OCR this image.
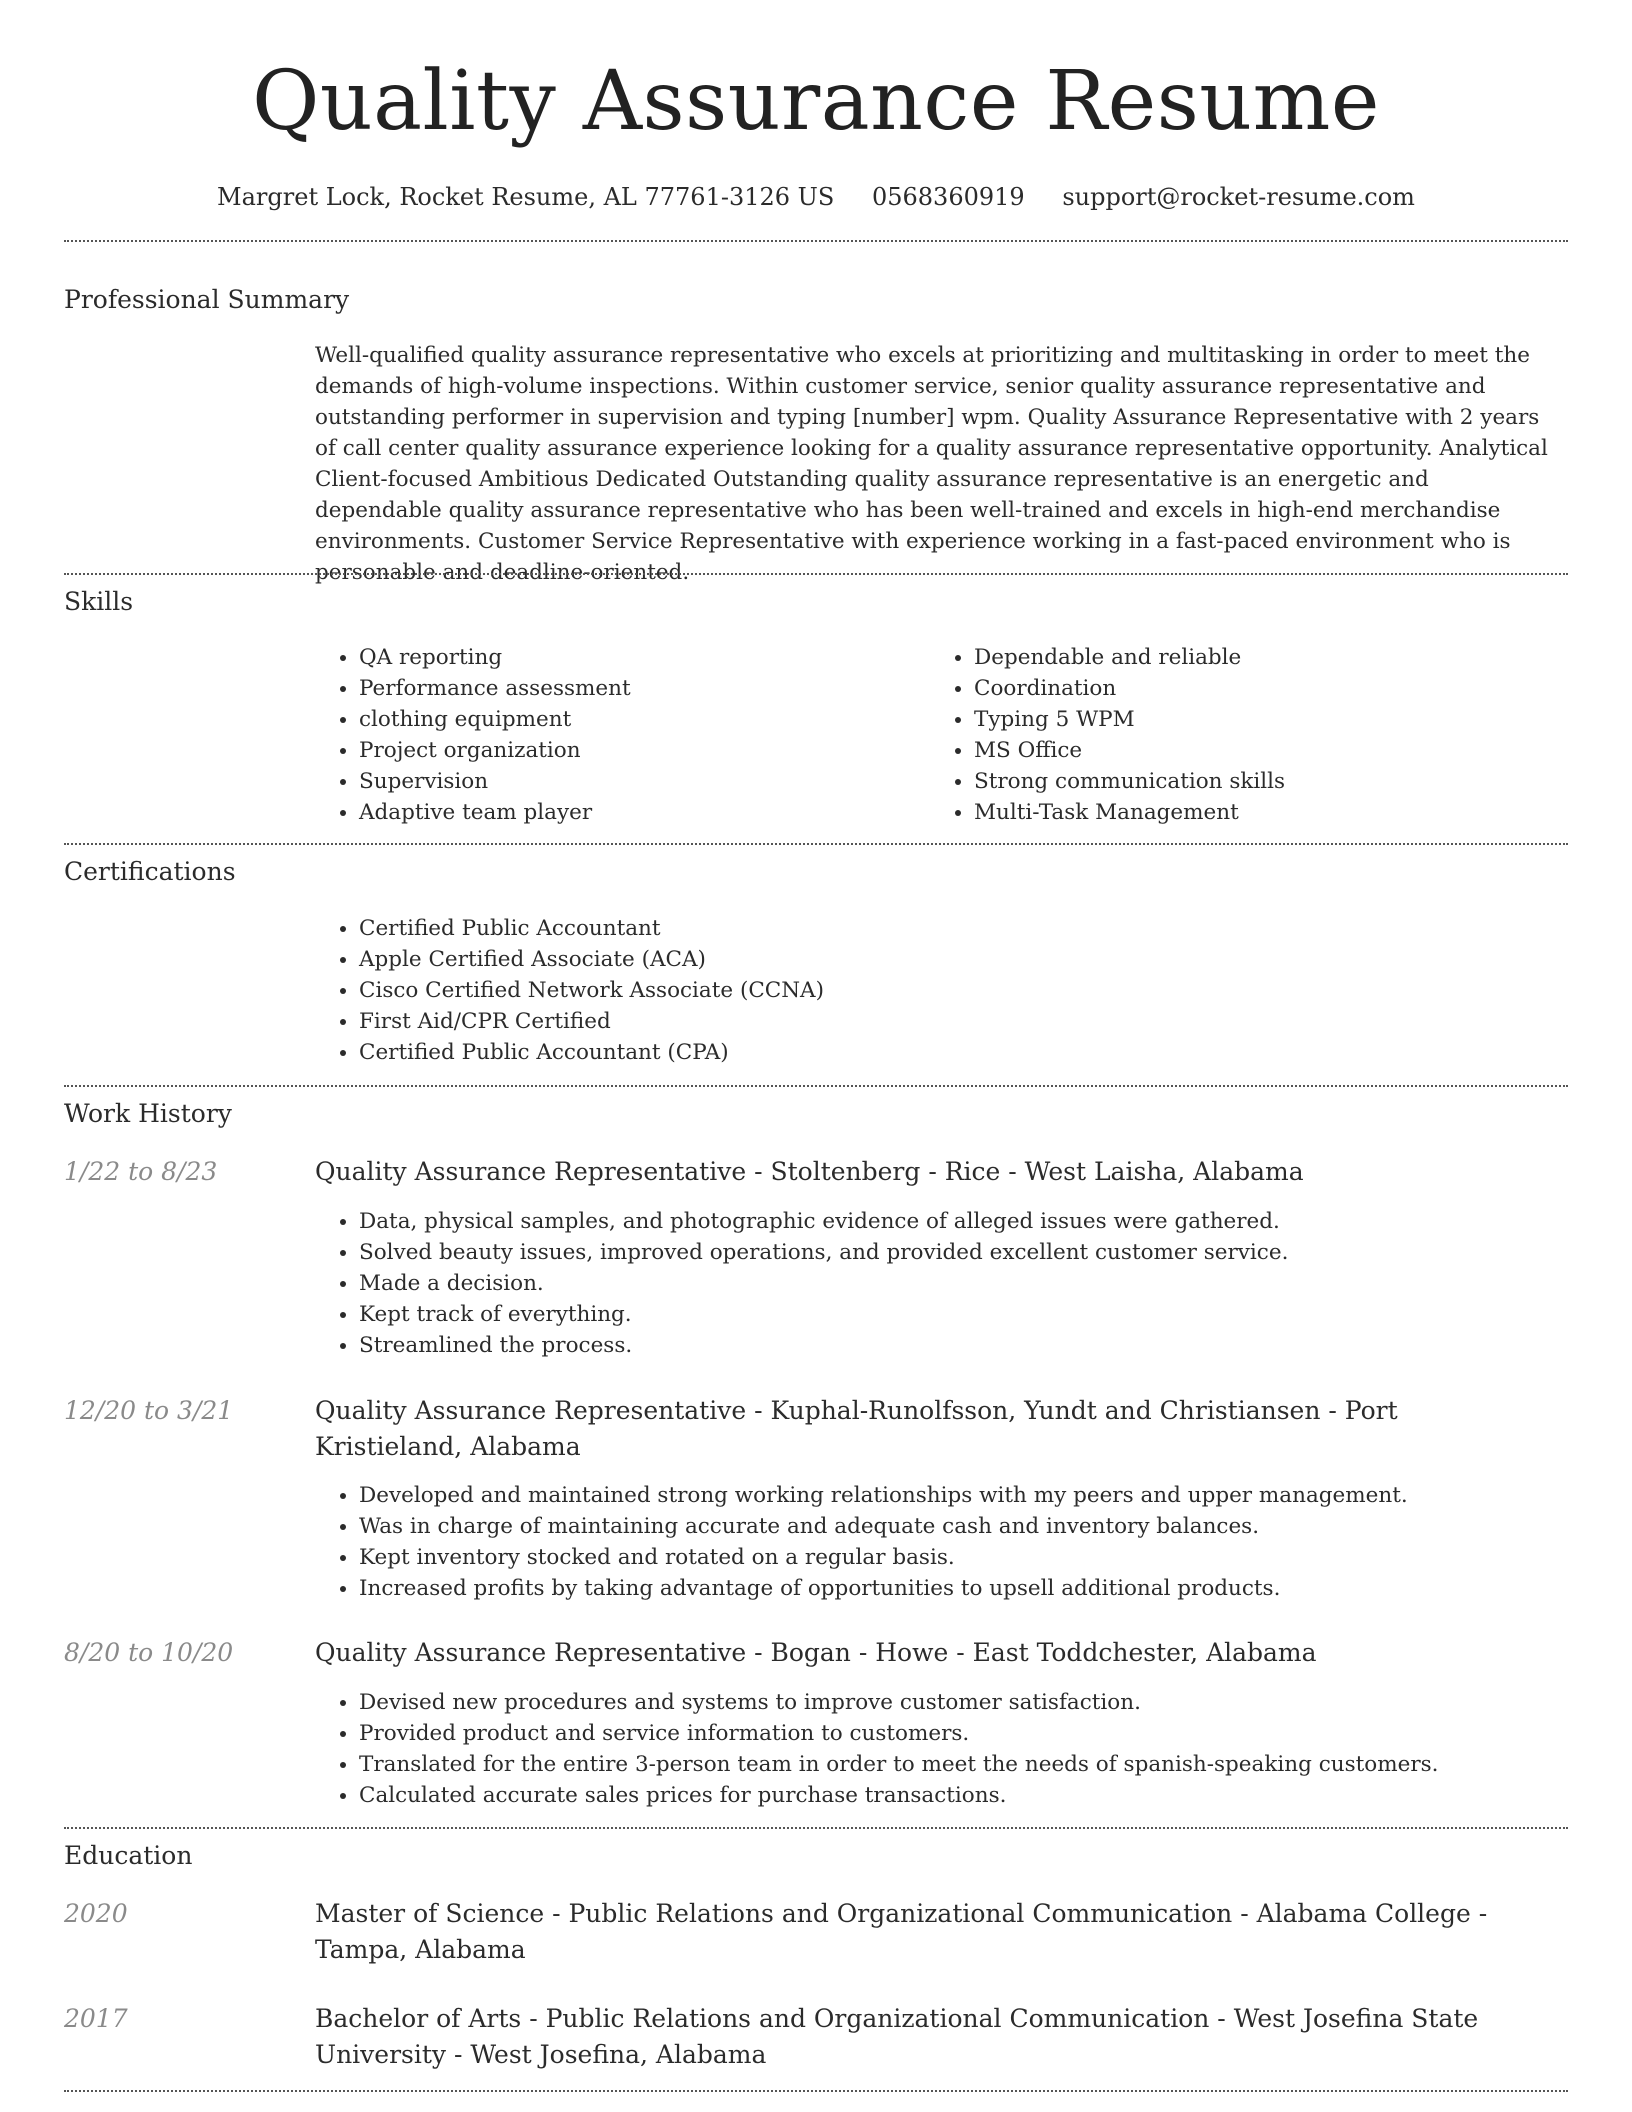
Quality Assurance Resume
Margret Lock, Rocket Resume, AL 77761-3126 US 0568360919 support@rocket-resume.com
Professional Summary

Well-qualified quality assurance representative who excels at prioritizing and multitasking in order to meet the demands of high-volume inspections. Within customer service, senior quality assurance representative and outstanding performer in supervision and typing [number] wpm. Quality Assurance Representative with 2 years of call center quality assurance experience looking for a quality assurance representative opportunity. Analytical Client-focused Ambitious Dedicated Outstanding quality assurance representative is an energetic and dependable quality assurance representative who has been well-trained and excels in high-end merchandise environments. Customer Service Representative with experience working in a fast-paced environment who is personable and deadline-oriented.

Skills
• QA reporting
• Performance assessment
• clothing equipment
• Project organization
• Supervision
• Adaptive team player
• Dependable and reliable
• Coordination
• Typing 5 WPM
• MS Office
• Strong communication skills
• Multi-Task Management
Certifications
• Certified Public Accountant
• Apple Certified Associate (ACA)
• Cisco Certified Network Associate (CCNA)
• First Aid/CPR Certified
• Certified Public Accountant (CPA)
Work History
1/22 to 8/23	Quality Assurance Representative - Stoltenberg - Rice - West Laisha, Alabama
• Data, physical samples, and photographic evidence of alleged issues were gathered.
• Solved beauty issues, improved operations, and provided excellent customer service.
• Made a decision.
• Kept track of everything.
• Streamlined the process.
12/20 to 3/21	Quality Assurance Representative - Kuphal-Runolfsson, Yundt and Christiansen - Port Kristieland, Alabama
• Developed and maintained strong working relationships with my peers and upper management.
• Was in charge of maintaining accurate and adequate cash and inventory balances.
• Kept inventory stocked and rotated on a regular basis.
• Increased profits by taking advantage of opportunities to upsell additional products.
8/20 to 10/20	Quality Assurance Representative - Bogan - Howe - East Toddchester, Alabama
• Devised new procedures and systems to improve customer satisfaction.
• Provided product and service information to customers.
• Translated for the entire 3-person team in order to meet the needs of spanish-speaking customers.
• Calculated accurate sales prices for purchase transactions.
Education
2020	Master of Science - Public Relations and Organizational Communication - Alabama College - Tampa, Alabama
2017	Bachelor of Arts - Public Relations and Organizational Communication - West Josefina State University - West Josefina, Alabama
